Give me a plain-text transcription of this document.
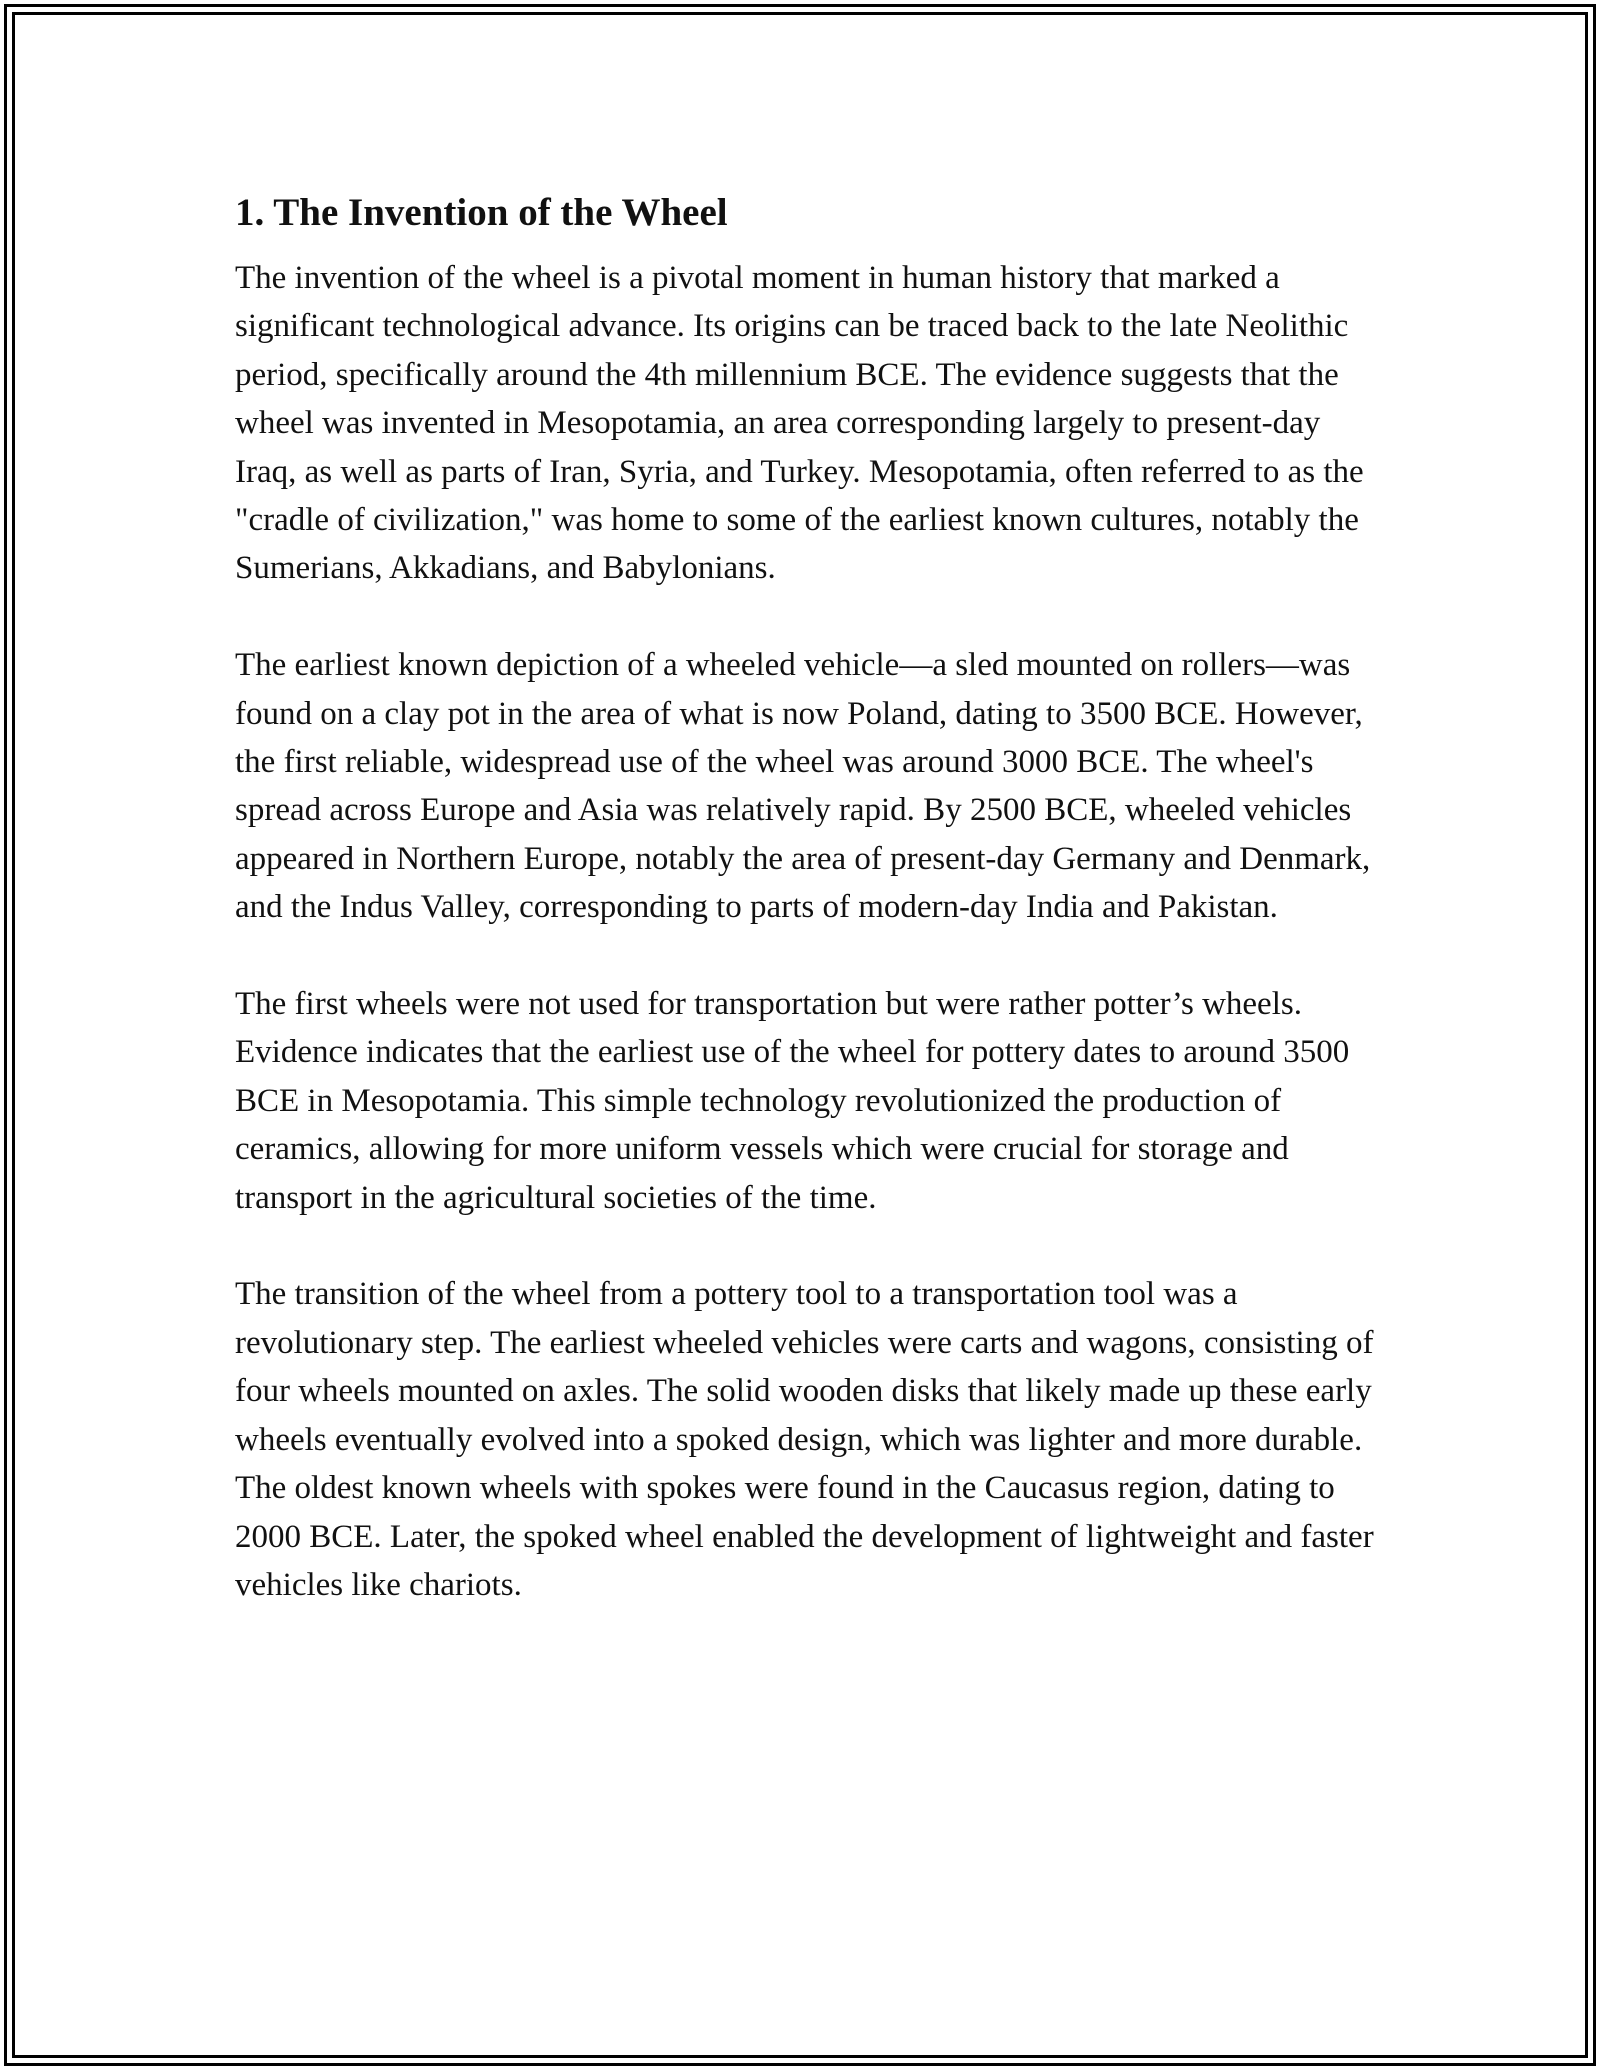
1. The Invention of the Wheel

The invention of the wheel is a pivotal moment in human history that marked a significant technological advance. Its origins can be traced back to the late Neolithic period, specifically around the 4th millennium BCE. The evidence suggests that the wheel was invented in Mesopotamia, an area corresponding largely to present-day Iraq, as well as parts of Iran, Syria, and Turkey. Mesopotamia, often referred to as the "cradle of civilization," was home to some of the earliest known cultures, notably the Sumerians, Akkadians, and Babylonians.

The earliest known depiction of a wheeled vehicle—a sled mounted on rollers—was found on a clay pot in the area of what is now Poland, dating to 3500 BCE. However, the first reliable, widespread use of the wheel was around 3000 BCE. The wheel's spread across Europe and Asia was relatively rapid. By 2500 BCE, wheeled vehicles appeared in Northern Europe, notably the area of present-day Germany and Denmark, and the Indus Valley, corresponding to parts of modern-day India and Pakistan.

The first wheels were not used for transportation but were rather potter’s wheels. Evidence indicates that the earliest use of the wheel for pottery dates to around 3500 BCE in Mesopotamia. This simple technology revolutionized the production of ceramics, allowing for more uniform vessels which were crucial for storage and transport in the agricultural societies of the time.

The transition of the wheel from a pottery tool to a transportation tool was a revolutionary step. The earliest wheeled vehicles were carts and wagons, consisting of four wheels mounted on axles. The solid wooden disks that likely made up these early wheels eventually evolved into a spoked design, which was lighter and more durable. The oldest known wheels with spokes were found in the Caucasus region, dating to 2000 BCE. Later, the spoked wheel enabled the development of lightweight and faster vehicles like chariots.
